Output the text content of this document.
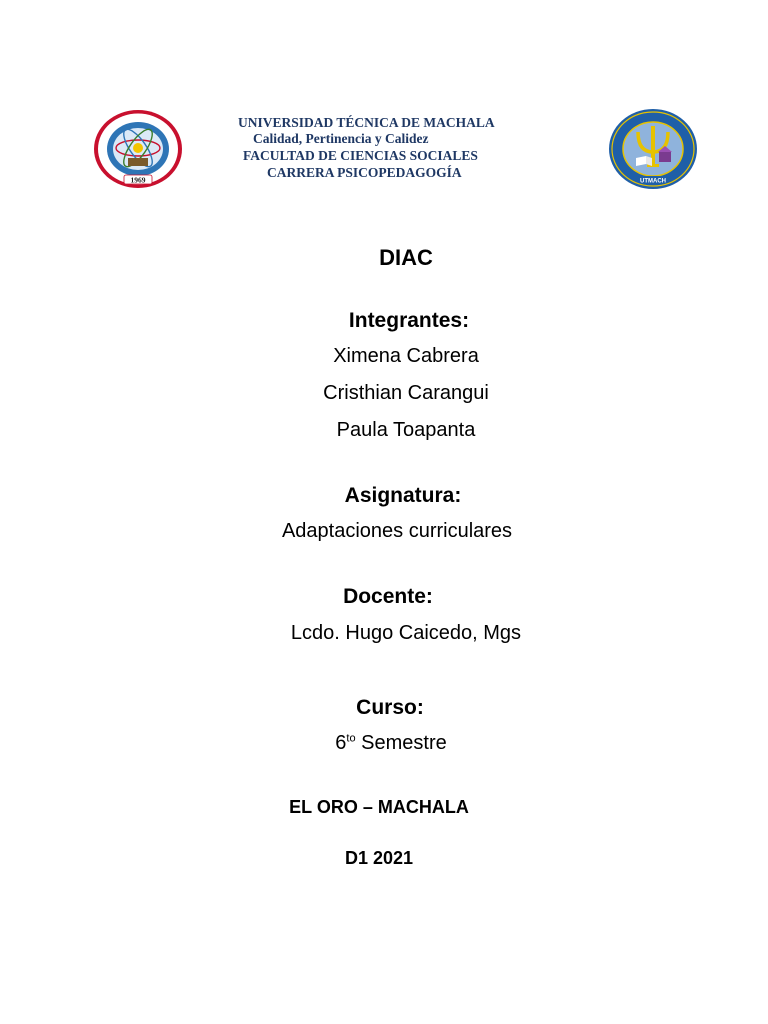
1969
UNIVERSIDAD TÉCNICA DE MACHALA
Calidad, Pertinencia y Calidez
FACULTAD DE CIENCIAS SOCIALES
CARRERA PSICOPEDAGOGÍA
UTMACH
DIAC
Integrantes:
Ximena Cabrera
Cristhian Carangui
Paula Toapanta
Asignatura:
Adaptaciones curriculares
Docente:
Lcdo. Hugo Caicedo, Mgs
Curso:
$6^{to}$ Semestre
EL ORO – MACHALA
D1 2021
